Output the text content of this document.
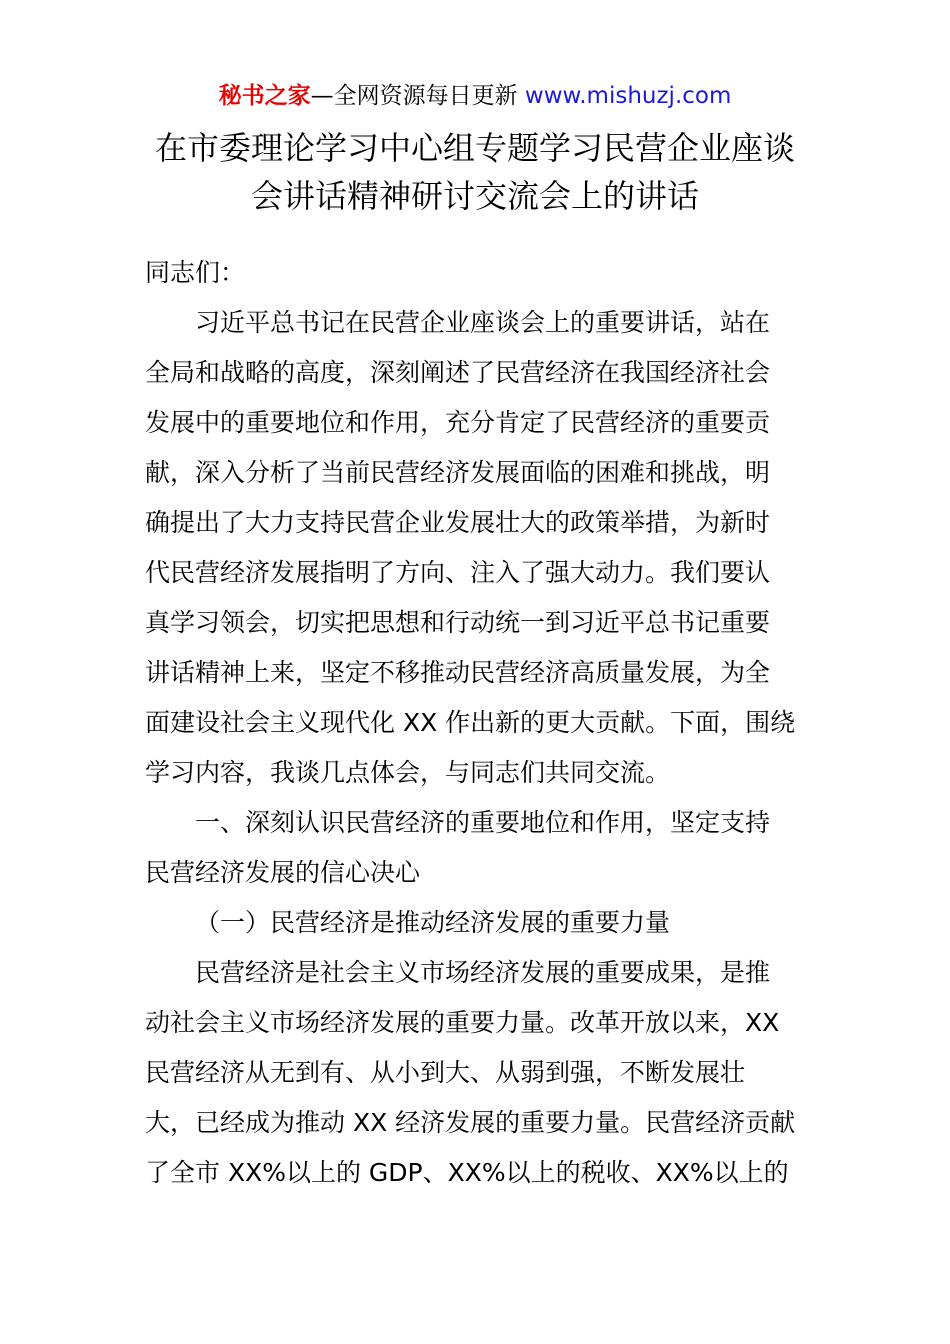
秘书之家—全网资源每日更新 www.mishuzj.com
在市委理论学习中心组专题学习民营企业座谈
会讲话精神研讨交流会上的讲话
同志们：
习近平总书记在民营企业座谈会上的重要讲话，站在
全局和战略的高度，深刻阐述了民营经济在我国经济社会
发展中的重要地位和作用，充分肯定了民营经济的重要贡
献，深入分析了当前民营经济发展面临的困难和挑战，明
确提出了大力支持民营企业发展壮大的政策举措，为新时
代民营经济发展指明了方向、注入了强大动力。我们要认
真学习领会，切实把思想和行动统一到习近平总书记重要
讲话精神上来，坚定不移推动民营经济高质量发展，为全
面建设社会主义现代化 XX 作出新的更大贡献。下面，围绕
学习内容，我谈几点体会，与同志们共同交流。
一、深刻认识民营经济的重要地位和作用，坚定支持
民营经济发展的信心决心
（一）民营经济是推动经济发展的重要力量
民营经济是社会主义市场经济发展的重要成果，是推
动社会主义市场经济发展的重要力量。改革开放以来，XX
民营经济从无到有、从小到大、从弱到强，不断发展壮
大，已经成为推动 XX 经济发展的重要力量。民营经济贡献
了全市 XX%以上的 GDP、XX%以上的税收、XX%以上的
